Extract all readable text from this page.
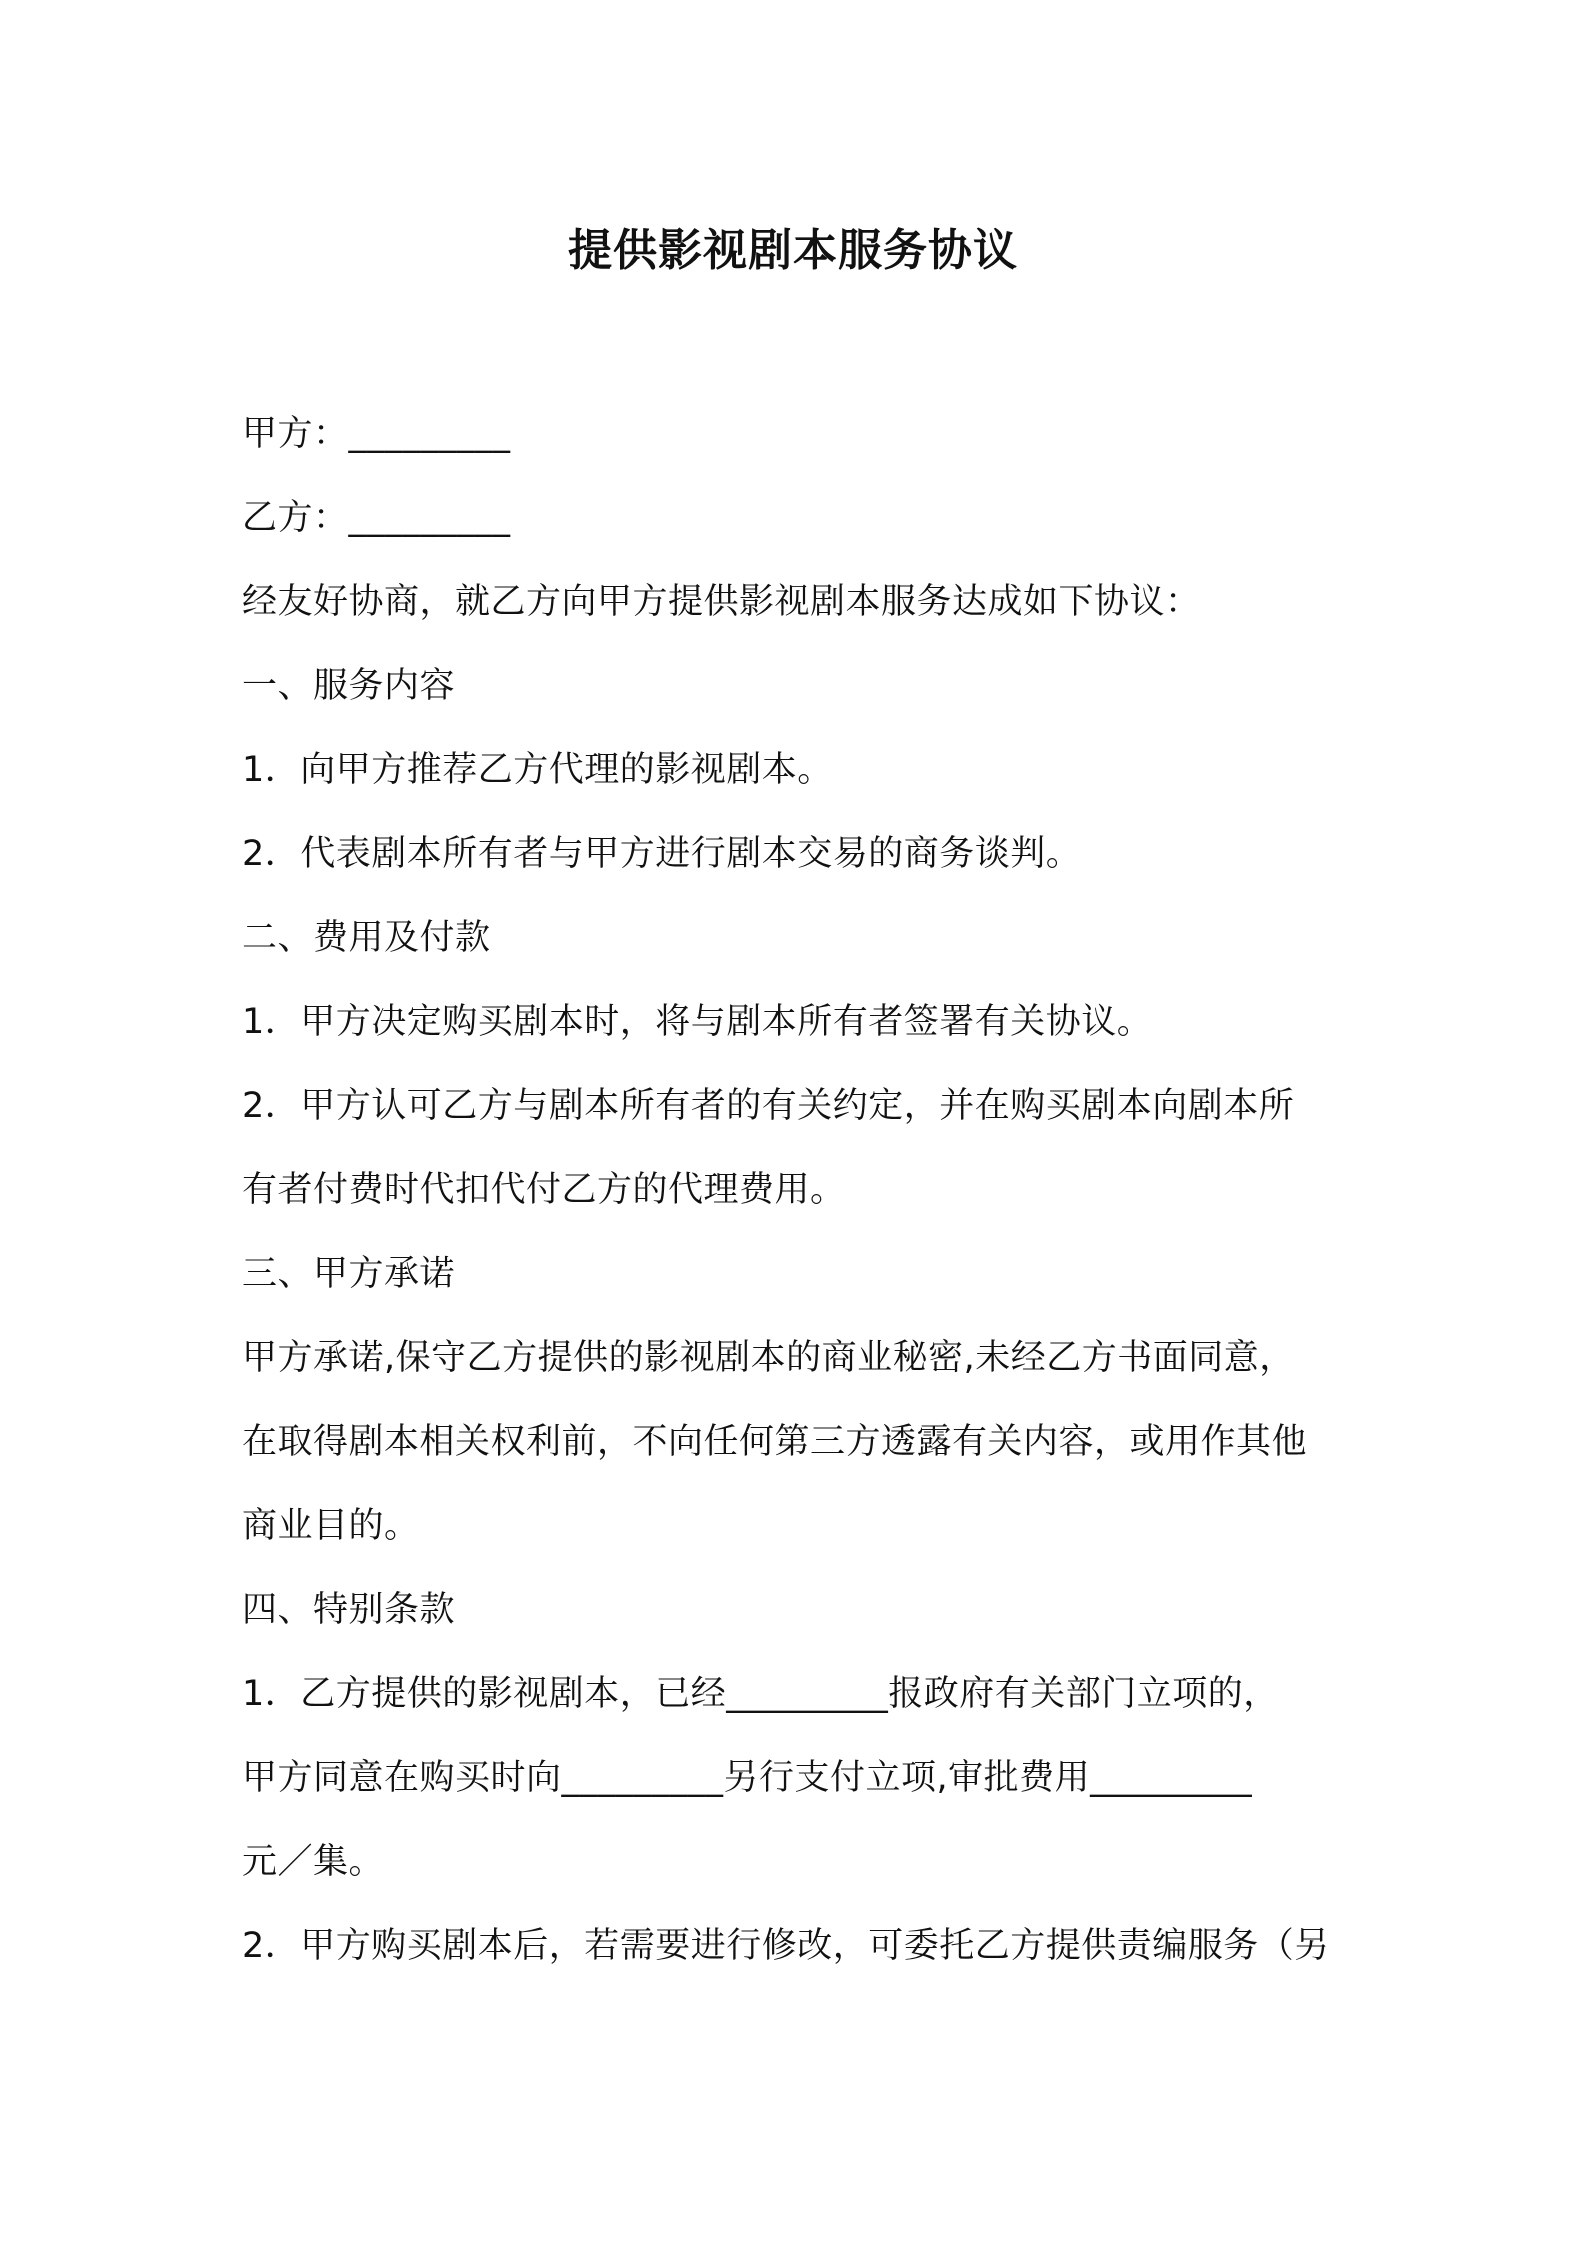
提供影视剧本服务协议
甲方：_________
乙方：_________
经友好协商，就乙方向甲方提供影视剧本服务达成如下协议：
一、服务内容
1．向甲方推荐乙方代理的影视剧本。
2．代表剧本所有者与甲方进行剧本交易的商务谈判。
二、费用及付款
1．甲方决定购买剧本时，将与剧本所有者签署有关协议。
2．甲方认可乙方与剧本所有者的有关约定，并在购买剧本向剧本所
有者付费时代扣代付乙方的代理费用。
三、甲方承诺
甲方承诺,保守乙方提供的影视剧本的商业秘密,未经乙方书面同意，
在取得剧本相关权利前，不向任何第三方透露有关内容，或用作其他
商业目的。
四、特别条款
1．乙方提供的影视剧本，已经_________报政府有关部门立项的，
甲方同意在购买时向_________另行支付立项,审批费用_________
元／集。
2．甲方购买剧本后，若需要进行修改，可委托乙方提供责编服务（另
